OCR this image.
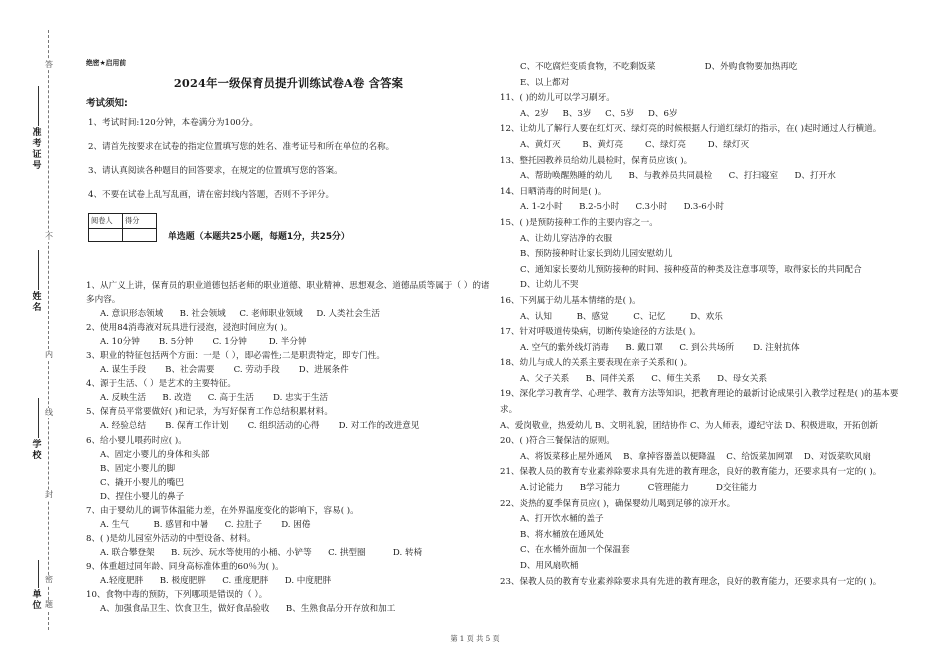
准考证号
姓名
学校
单位
答
不
内
线
封
密
题
绝密★启用前
2024年一级保育员提升训练试卷A卷 含答案
考试须知:
1、考试时间:120分钟，本卷满分为100分。
2、请首先按要求在试卷的指定位置填写您的姓名、准考证号和所在单位的名称。
3、请认真阅读各种题目的回答要求，在规定的位置填写您的答案。
4、不要在试卷上乱写乱画，请在密封线内答题，否则不予评分。
阅卷人	得分

单选题（本题共25小题，每题1分，共25分）
1、从广义上讲，保育员的职业道德包括老师的职业道德、职业精神、思想观念、道德品质等属于（ ）的诸多内容。
A. 意识形态领域      B. 社会领域     C. 老师职业领域     D. 人类社会生活
2、使用84消毒液对玩具进行浸泡，浸泡时间应为( )。
A. 10分钟       B. 5分钟       C. 1分钟        D. 半分钟
3、职业的特征包括两个方面：一是（ ），即必需性;二是职责特定，即专门性。
A. 谋生手段       B、社会需要       C. 劳动手段       D、进展条件
4、源于生活、（ ）是艺术的主要特征。
A. 反映生活      B. 改造      C. 高于生活       D. 忠实于生活
5、保育员平常要做好( )和记录，为写好保育工作总结积累材料。
A. 经验总结       B. 保育工作计划       C. 组织活动的心得       D. 对工作的改进意见
6、给小婴儿喂药时应( )。
A、固定小婴儿的身体和头部
B、固定小婴儿的脚
C、撬开小婴儿的嘴巴
D、捏住小婴儿的鼻子
7、由于婴幼儿的调节体温能力差，在外界温度变化的影响下，容易( )。
A. 生气         B. 感冒和中暑      C. 拉肚子       D. 困倦
8、( )是幼儿园室外活动的中型设备、材料。
A. 联合攀登架      B. 玩沙、玩水等使用的小桶、小铲等      C. 拱型圈          D. 转椅
9、体重超过同年龄、同身高标准体重的60％为( )。
A.轻度肥胖      B. 极度肥胖      C. 重度肥胖      D. 中度肥胖
10、食物中毒的预防，下列哪项是错误的（ ）。
A、加强食品卫生、饮食卫生，做好食品验收      B、生熟食品分开存放和加工
C、不吃腐烂变质食物，不吃剩饭菜                  D、外购食物要加热再吃
E、以上都对
11、( )的幼儿可以学习刷牙。
A、2岁     B、3岁     C、5岁     D、6岁
12、让幼儿了解行人要在红灯灭、绿灯亮的时候根据人行道红绿灯的指示，在( )起时通过人行横道。
A、黄灯灭        B、黄灯亮        C、绿灯亮        D、绿灯灭
13、整托园教养员给幼儿晨检时，保育员应该( )。
A、帮助唤醒熟睡的幼儿      B、与教养员共同晨检      C、打扫寝室      D、打开水
14、日晒消毒的时间是( )。
A. 1-2小时      B.2-5小时      C.3小时      D.3-6小时
15、( )是预防接种工作的主要内容之一。
A、让幼儿穿洁净的衣服
B、预防接种时让家长到幼儿园安慰幼儿
C、通知家长要幼儿预防接种的时间、接种疫苗的种类及注意事项等，取得家长的共同配合
D、让幼儿不哭
16、下列属于幼儿基本情绪的是( )。
A、认知         B、感觉         C、记忆         D、欢乐
17、针对呼吸道传染病，切断传染途径的方法是( )。
A. 空气的紫外线灯消毒      B. 戴口罩      C. 到公共场所       D. 注射抗体
18、幼儿与成人的关系主要表现在亲子关系和( )。
A、父子关系      B、同伴关系      C、师生关系      D、母女关系
19、深化学习教育学、心理学、教育方法等知识，把教育理论的最新讨论成果引入教学过程是( )的基本要求。
A、爱岗敬业，热爱幼儿 B、文明礼貌，团结协作 C、为人师表，遵纪守法 D、积极进取，开拓创新
20、( )符合三餐保洁的原则。
A、将饭菜移止屋外通风    B、拿掉容器盖以便降温    C、给饭菜加网罩    D、对饭菜吹风扇
21、保教人员的教育专业素养除要求具有先进的教育理念，良好的教育能力，还要求具有一定的( )。
A.讨论能力      B学习能力          C管理能力          D交往能力
22、炎热的夏季保育员应( )，确保婴幼儿喝到足够的凉开水。
A、打开饮水桶的盖子
B、将水桶放在通风处
C、在水桶外面加一个保温套
D、用风扇吹桶
23、保教人员的教育专业素养除要求具有先进的教育理念，良好的教育能力，还要求具有一定的( )。
第 1 页 共 5 页
